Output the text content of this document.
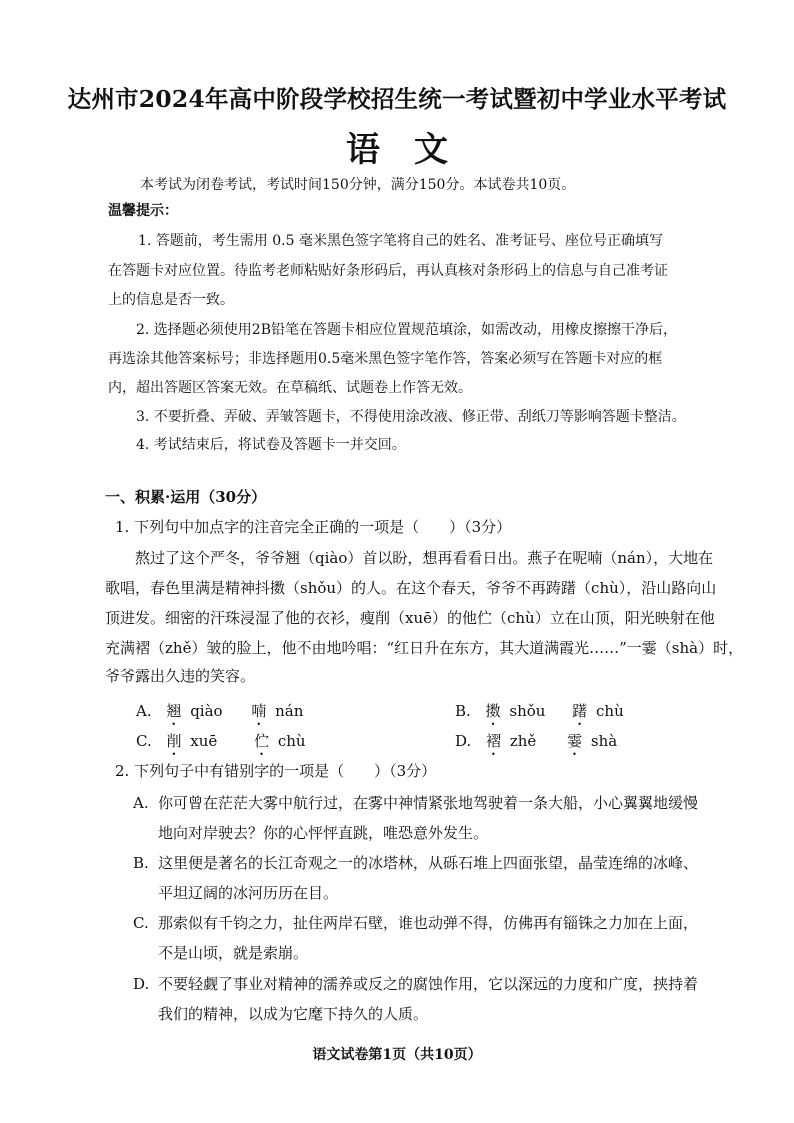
达州市2024年高中阶段学校招生统一考试暨初中学业水平考试
语　文
本考试为闭卷考试，考试时间150分钟，满分150分。本试卷共10页。
温馨提示：
1. 答题前，考生需用 0.5 毫米黑色签字笔将自己的姓名、准考证号、座位号正确填写
在答题卡对应位置。待监考老师粘贴好条形码后，再认真核对条形码上的信息与自己准考证
上的信息是否一致。
2. 选择题必须使用2B铅笔在答题卡相应位置规范填涂，如需改动，用橡皮擦擦干净后，
再选涂其他答案标号；非选择题用0.5毫米黑色签字笔作答，答案必须写在答题卡对应的框
内，超出答题区答案无效。在草稿纸、试题卷上作答无效。
3. 不要折叠、弄破、弄皱答题卡，不得使用涂改液、修正带、刮纸刀等影响答题卡整洁。
4. 考试结束后，将试卷及答题卡一并交回。
一、积累·运用（30分）
1. 下列句中加点字的注音完全正确的一项是（　　）（3分）
熬过了这个严冬，爷爷翘（qiào）首以盼，想再看看日出。燕子在呢喃（nán），大地在
歌唱，春色里满是精神抖擞（shǒu）的人。在这个春天，爷爷不再踌躇（chù），沿山路向山
顶进发。细密的汗珠浸湿了他的衣衫，瘦削（xuē）的他伫（chù）立在山顶，阳光映射在他
充满褶（zhě）皱的脸上，他不由地吟唱：“红日升在东方，其大道满霞光……”一霎（shà）时，
爷爷露出久违的笑容。
A. 翘 qiào 喃 nán	B. 擞 shǒu 躇 chù
C. 削 xuē 伫 chù	D. 褶 zhě 霎 shà
2. 下列句子中有错别字的一项是（　　）（3分）
A. 你可曾在茫茫大雾中航行过，在雾中神情紧张地驾驶着一条大船，小心翼翼地缓慢
地向对岸驶去？你的心怦怦直跳，唯恐意外发生。
B. 这里便是著名的长江奇观之一的冰塔林，从砾石堆上四面张望，晶莹连绵的冰峰、
平坦辽阔的冰河历历在目。
C. 那索似有千钧之力，扯住两岸石壁，谁也动弹不得，仿佛再有锱铢之力加在上面，
不是山顷，就是索崩。
D. 不要轻觑了事业对精神的濡养或反之的腐蚀作用，它以深远的力度和广度，挟持着
我们的精神，以成为它麾下持久的人质。
语文试卷第1页（共10页）
